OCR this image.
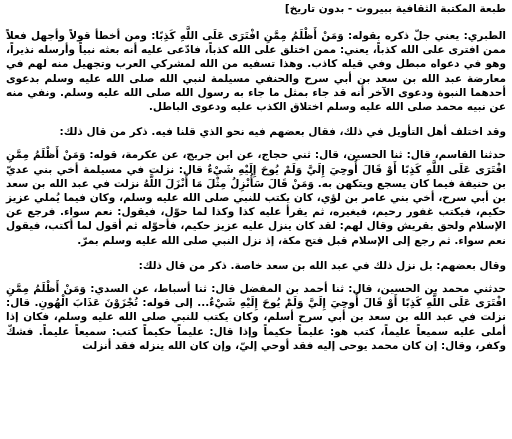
طبعة المكتبة الثقافية ببيروت - بدون تاريخ]

الطبري: يعني جلّ ذكره بقوله: وَمَنْ أَظْلَمُ مِمَّنِ افْتَرَى عَلَى اللَّهِ كَذِبًا: ومن أخطأ قولاً وأجهل فعلاً ممن افترى على الله كذباً، يعني: ممن اختلق على الله كذباً، فادّعى عليه أنه بعثه نبياً وأرسله نذيراً، وهو في دعواه مبطل وفي قيله كاذب. وهذا تسفيه من الله لمشركي العرب وتجهيل منه لهم في معارضة عبد الله بن سعد بن أبي سرح والحنفي مسيلمة لنبي الله صلى الله عليه وسلم بدعوى أحدهما النبوة ودعوى الآخر أنه قد جاء بمثل ما جاء به رسول الله صلى الله عليه وسلم. ونفي منه عن نبيه محمد صلى الله عليه وسلم اختلاق الكذب عليه ودعوى الباطل.

وقد اختلف أهل التأويل في ذلك، فقال بعضهم فيه نحو الذي قلنا فيه. ذكر من قال ذلك:

حدثنا القاسم، قال: ثنا الحسين، قال: ثني حجاج، عن ابن جريج، عن عكرمة، قوله: وَمَنْ أَظْلَمُ مِمَّنِ افْتَرَى عَلَى اللَّهِ كَذِبًا أَوْ قَالَ أُوحِيَ إِلَيَّ وَلَمْ يُوحَ إِلَيْهِ شَيْءٌ قال: نزلت في مسيلمة أخي بني عديّ بن حنيفة فيما كان يسجع ويتكهن به. وَمَنْ قَالَ سَأُنْزِلُ مِثْلَ مَا أَنْزَلَ اللَّهُ نزلت في عبد الله بن سعد بن أبي سرح، أخي بني عامر بن لؤي، كان يكتب للنبي صلى الله عليه وسلم، وكان فيما يُملي عزيز حكيم، فيكتب غفور رحيم، فيغيره، ثم يقرأ عليه كذا وكذا لما حوّل، فيقول: نعم سواء. فرجع عن الإسلام ولحق بقريش وقال لهم: لقد كان ينزل عليه عزيز حكيم، فأحوّله ثم أقول لما أكتب، فيقول نعم سواء. ثم رجع إلى الإسلام قبل فتح مكة، إذ نزل النبي صلى الله عليه وسلم بمرّ.

وقال بعضهم: بل نزل ذلك في عبد الله بن سعد خاصة. ذكر من قال ذلك:

حدثني محمد بن الحسين، قال: ثنا أحمد بن المفضل قال: ثنا أسباط، عن السدي: وَمَنْ أَظْلَمُ مِمَّنِ افْتَرَى عَلَى اللَّهِ كَذِبًا أَوْ قَالَ أُوحِيَ إِلَيَّ وَلَمْ يُوحَ إِلَيْهِ شَيْءٌ... إلى قوله: تُجْزَوْنَ عَذَابَ الْهُونِ. قال: نزلت في عبد الله بن سعد بن أبي سرح أسلم، وكان يكتب للنبي صلى الله عليه وسلم، فكان إذا أملى عليه سميعاً عليماً، كتب هو: عليماً حكيماً وإذا قال: عليماً حكيماً كتب: سميعاً عليماً. فشكّ وكفر، وقال: إن كان محمد يوحى إليه فقد أوحي إليّ، وإن كان الله ينزله فقد أنزلت
